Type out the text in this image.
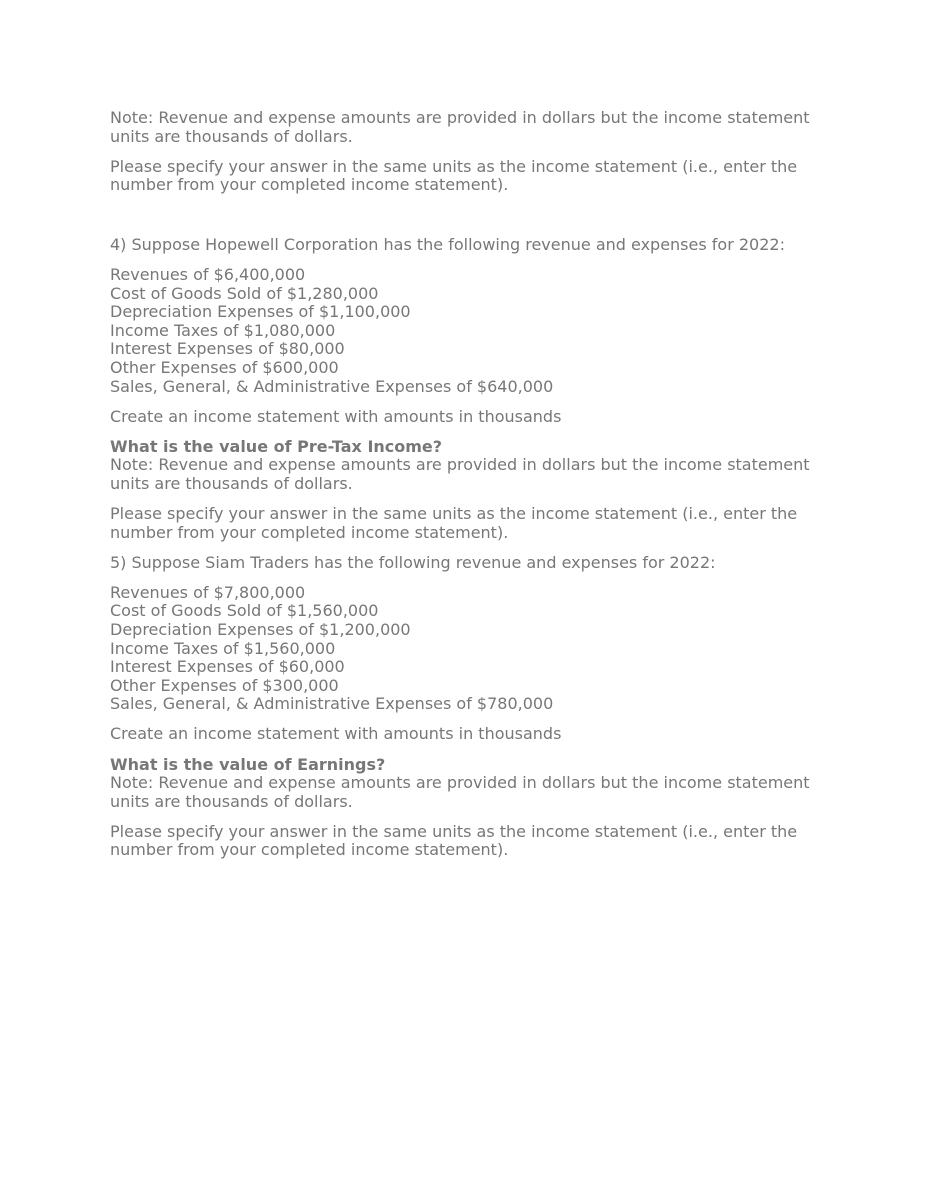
Note: Revenue and expense amounts are provided in dollars but the income statement units are thousands of dollars.

Please specify your answer in the same units as the income statement (i.e., enter the number from your completed income statement).

4) Suppose Hopewell Corporation has the following revenue and expenses for 2022:

Revenues of $6,400,000
Cost of Goods Sold of $1,280,000
Depreciation Expenses of $1,100,000
Income Taxes of $1,080,000
Interest Expenses of $80,000
Other Expenses of $600,000
Sales, General, & Administrative Expenses of $640,000

Create an income statement with amounts in thousands

What is the value of Pre-Tax Income?

Note: Revenue and expense amounts are provided in dollars but the income statement units are thousands of dollars.

Please specify your answer in the same units as the income statement (i.e., enter the number from your completed income statement).

5) Suppose Siam Traders has the following revenue and expenses for 2022:

Revenues of $7,800,000
Cost of Goods Sold of $1,560,000
Depreciation Expenses of $1,200,000
Income Taxes of $1,560,000
Interest Expenses of $60,000
Other Expenses of $300,000
Sales, General, & Administrative Expenses of $780,000

Create an income statement with amounts in thousands

What is the value of Earnings?

Note: Revenue and expense amounts are provided in dollars but the income statement units are thousands of dollars.

Please specify your answer in the same units as the income statement (i.e., enter the number from your completed income statement).
